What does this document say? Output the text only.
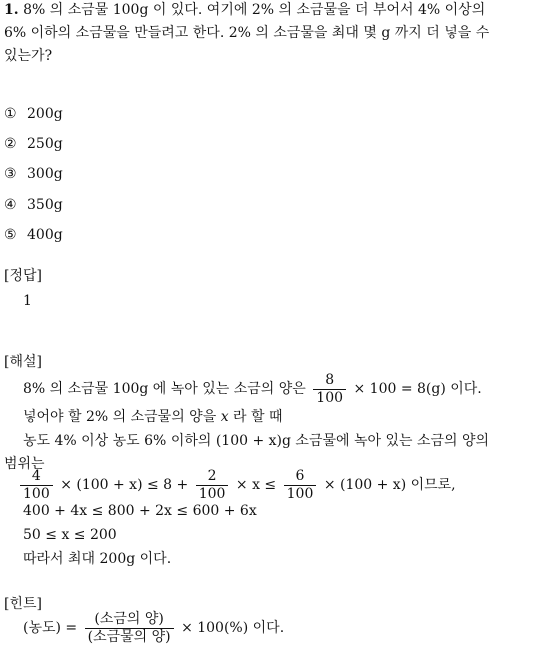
1. 8% 의 소금물 100g 이 있다. 여기에 2% 의 소금물을 더 부어서 4% 이상의
6% 이하의 소금물을 만들려고 한다. 2% 의 소금물을 최대 몇 g 까지 더 넣을 수
있는가?
① 200g
② 250g
③ 300g
④ 350g
⑤ 400g
[정답]
1
[해설]
8% 의 소금물 100g 에 녹아 있는 소금의 양은 $\frac{8}{100} \times 100 = 8(g)$ 이다.
넣어야 할 2% 의 소금물의 양을 x 라 할 때
농도 4% 이상 농도 6% 이하의 (100 + x)g 소금물에 녹아 있는 소금의 양의
범위는
$\frac{4}{100} \times (100 + x) \le 8 + \frac{2}{100} \times x \le \frac{6}{100} \times (100 + x)$ 이므로,
400 + 4x ≤ 800 + 2x ≤ 600 + 6x
50 ≤ x ≤ 200
따라서 최대 200g 이다.
[힌트]
(농도) = $\frac{\text{(소금의 양)}}{\text{(소금물의 양)}} \times 100(\%)$ 이다.
